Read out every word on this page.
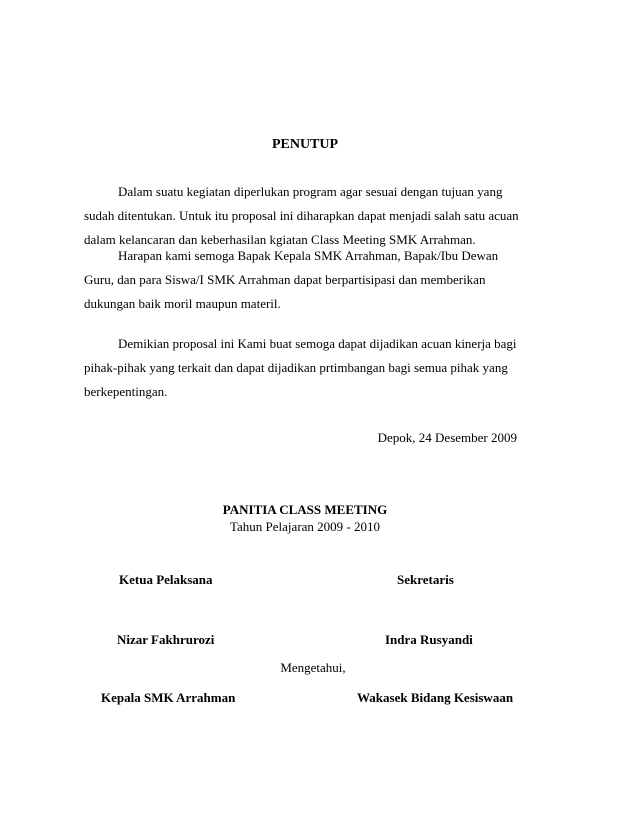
PENUTUP
Dalam suatu kegiatan diperlukan program agar sesuai dengan tujuan yang
sudah ditentukan. Untuk itu proposal ini diharapkan dapat menjadi salah satu acuan
dalam kelancaran dan keberhasilan kgiatan Class Meeting SMK Arrahman.
Harapan kami semoga Bapak Kepala SMK Arrahman, Bapak/Ibu Dewan
Guru, dan para Siswa/I SMK Arrahman dapat berpartisipasi dan memberikan
dukungan baik moril maupun materil.
Demikian proposal ini Kami buat semoga dapat dijadikan acuan kinerja bagi
pihak-pihak yang terkait dan dapat dijadikan prtimbangan bagi semua pihak yang
berkepentingan.
Depok, 24 Desember 2009
PANITIA CLASS MEETING
Tahun Pelajaran 2009 - 2010
Ketua Pelaksana	Sekretaris
Nizar Fakhrurozi	Indra Rusyandi
Mengetahui,
Kepala SMK Arrahman	Wakasek Bidang Kesiswaan
